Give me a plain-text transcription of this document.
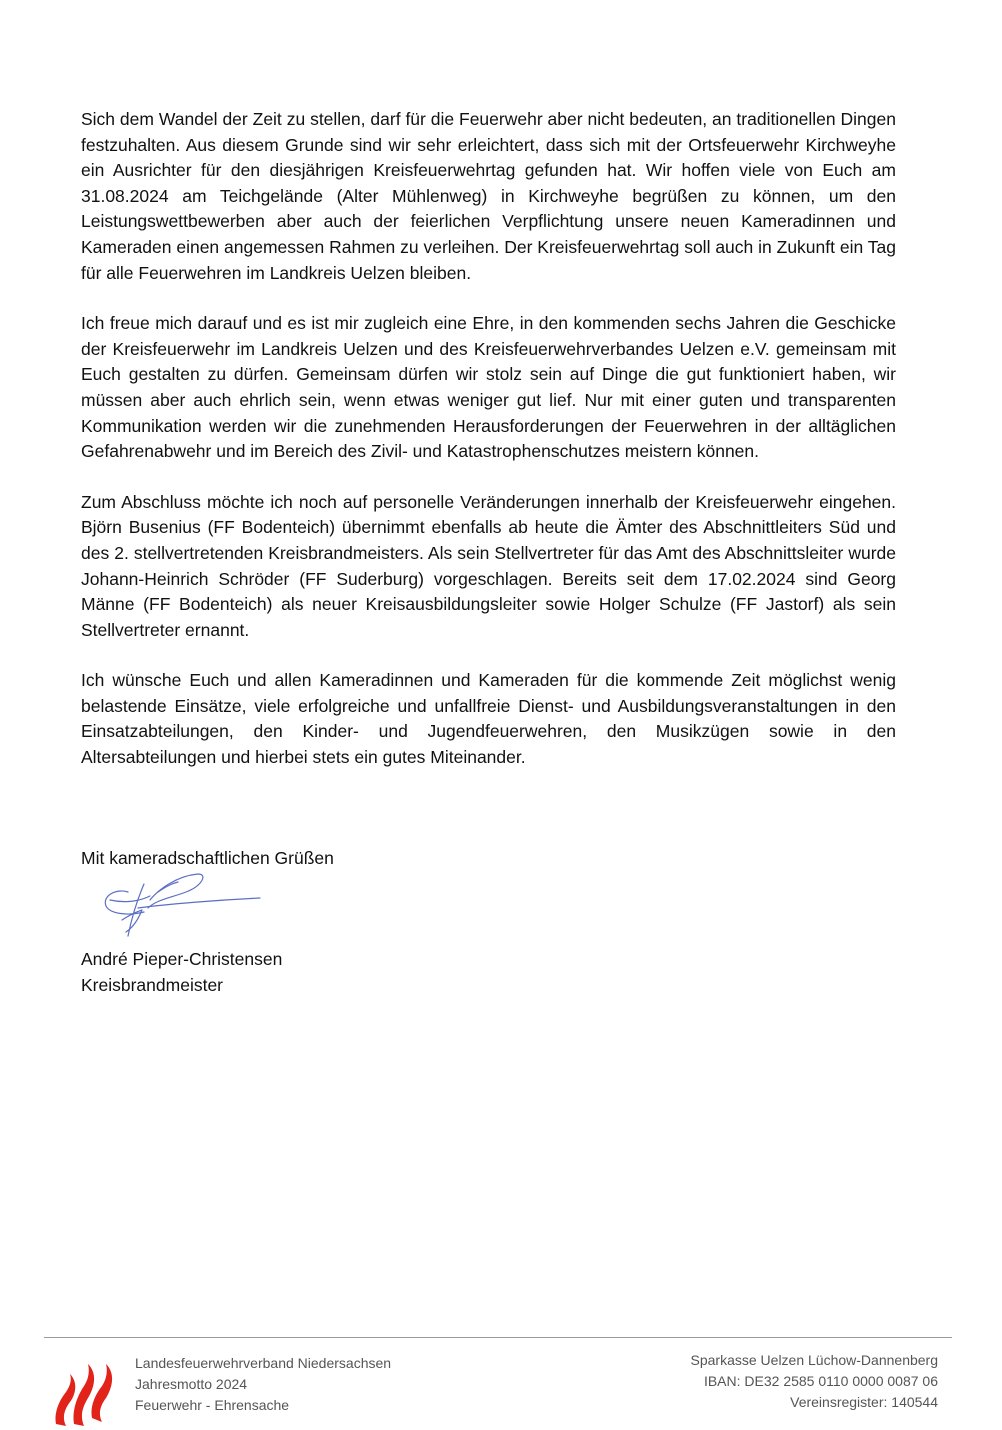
Sich dem Wandel der Zeit zu stellen, darf für die Feuerwehr aber nicht bedeuten, an traditionellen Dingen festzuhalten. Aus diesem Grunde sind wir sehr erleichtert, dass sich mit der Ortsfeuerwehr Kirchweyhe ein Ausrichter für den diesjährigen Kreisfeuerwehrtag gefunden hat. Wir hoffen viele von Euch am 31.08.2024 am Teichgelände (Alter Mühlenweg) in Kirchweyhe begrüßen zu können, um den Leistungswettbewerben aber auch der feierlichen Verpflichtung unsere neuen Kameradinnen und Kameraden einen angemessen Rahmen zu verleihen. Der Kreisfeuerwehrtag soll auch in Zukunft ein Tag für alle Feuerwehren im Landkreis Uelzen bleiben.

Ich freue mich darauf und es ist mir zugleich eine Ehre, in den kommenden sechs Jahren die Geschicke der Kreisfeuerwehr im Landkreis Uelzen und des Kreisfeuerwehrverbandes Uelzen e.V. gemeinsam mit Euch gestalten zu dürfen. Gemeinsam dürfen wir stolz sein auf Dinge die gut funktioniert haben, wir müssen aber auch ehrlich sein, wenn etwas weniger gut lief. Nur mit einer guten und transparenten Kommunikation werden wir die zunehmenden Herausforderungen der Feuerwehren in der alltäglichen Gefahrenabwehr und im Bereich des Zivil- und Katastrophenschutzes meistern können.

Zum Abschluss möchte ich noch auf personelle Veränderungen innerhalb der Kreisfeuerwehr eingehen. Björn Busenius (FF Bodenteich) übernimmt ebenfalls ab heute die Ämter des Abschnittleiters Süd und des 2. stellvertretenden Kreisbrandmeisters. Als sein Stellvertreter für das Amt des Abschnittsleiter wurde Johann-Heinrich Schröder (FF Suderburg) vorgeschlagen. Bereits seit dem 17.02.2024 sind Georg Männe (FF Bodenteich) als neuer Kreisausbildungsleiter sowie Holger Schulze (FF Jastorf) als sein Stellvertreter ernannt.

Ich wünsche Euch und allen Kameradinnen und Kameraden für die kommende Zeit möglichst wenig belastende Einsätze, viele erfolgreiche und unfallfreie Dienst- und Ausbildungsveranstaltungen in den Einsatzabteilungen, den Kinder- und Jugendfeuerwehren, den Musikzügen sowie in den Altersabteilungen und hierbei stets ein gutes Miteinander.

Mit kameradschaftlichen Grüßen

André Pieper-Christensen
Kreisbrandmeister
Landesfeuerwehrverband Niedersachsen
Jahresmotto 2024
Feuerwehr - Ehrensache
Sparkasse Uelzen Lüchow-Dannenberg
IBAN: DE32 2585 0110 0000 0087 06
Vereinsregister: 140544
